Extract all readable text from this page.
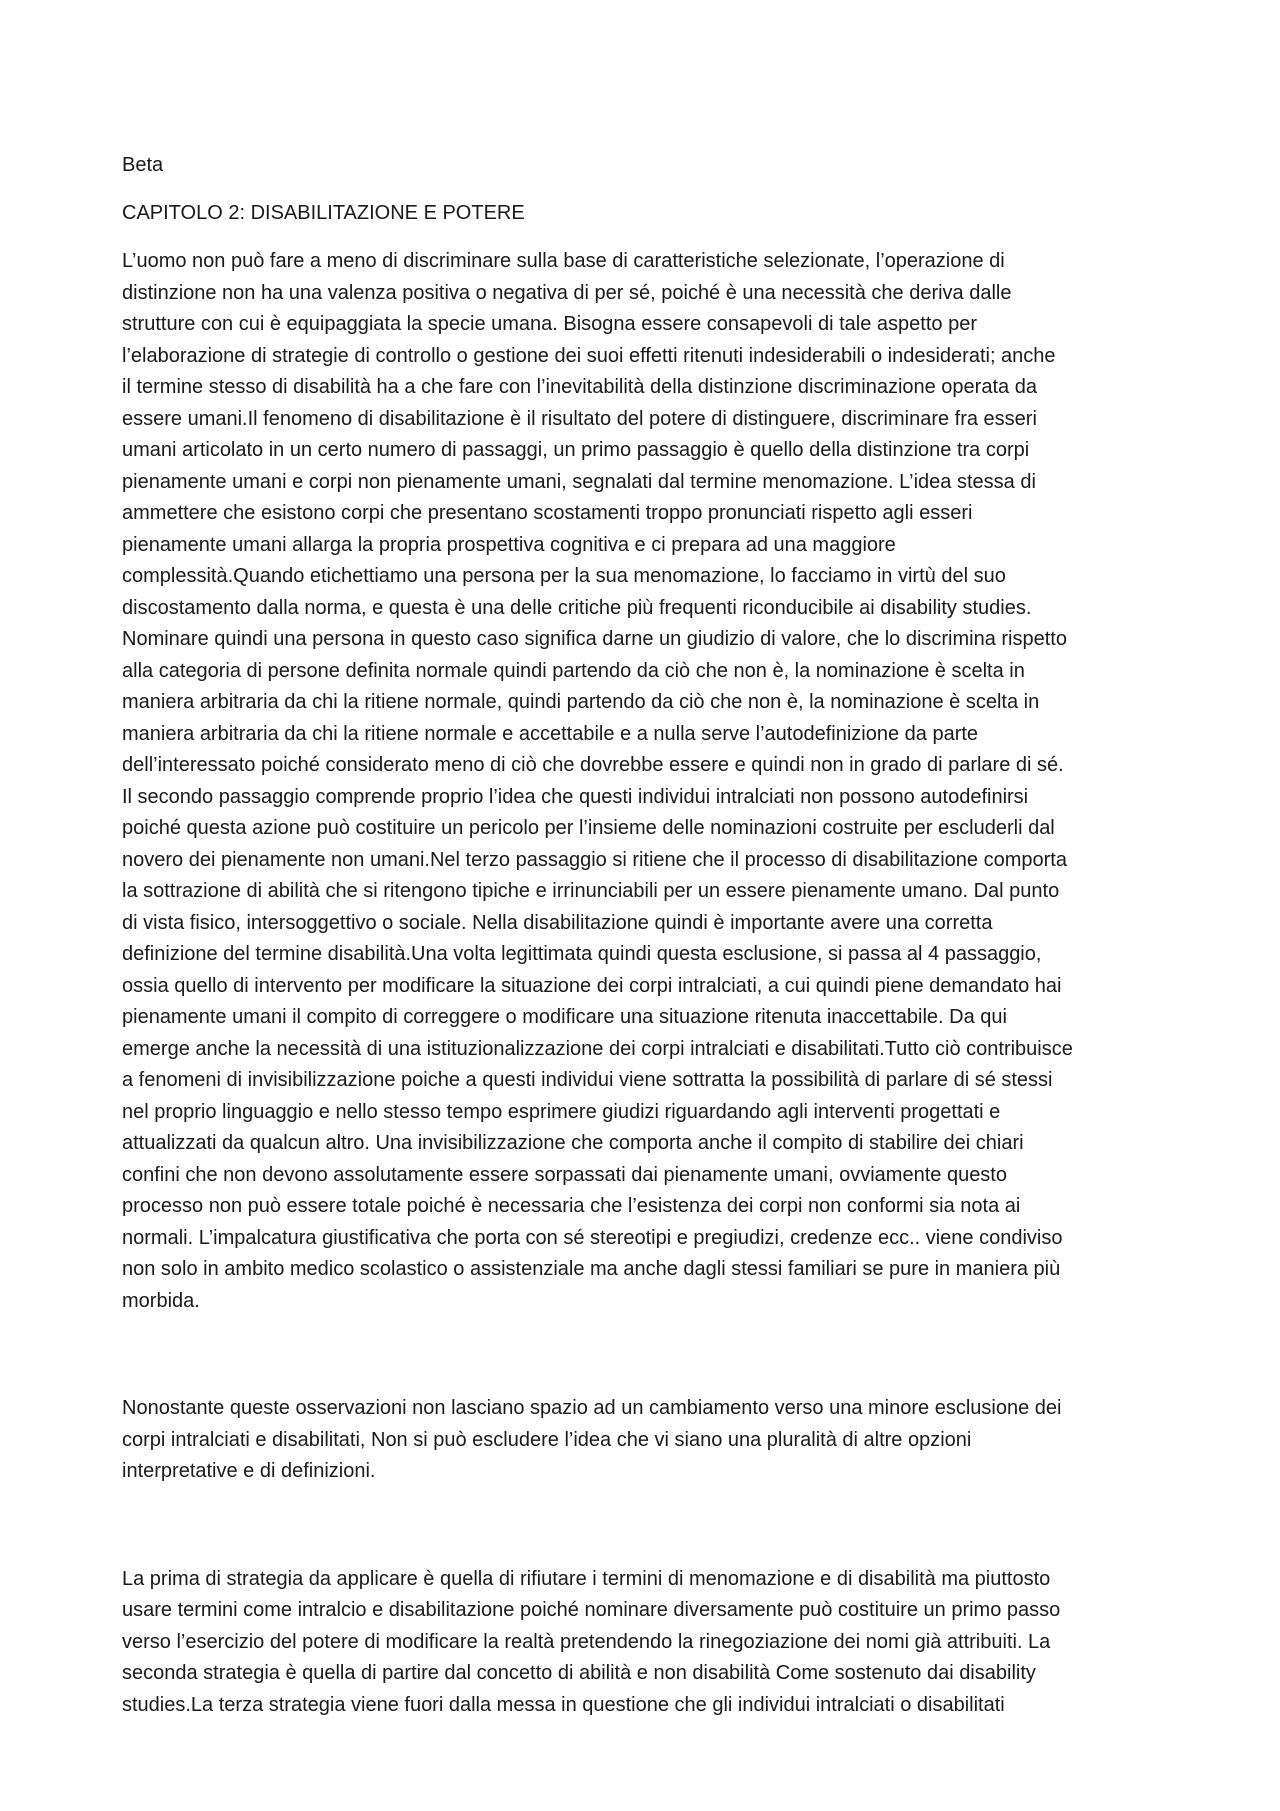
Beta

CAPITOLO 2: DISABILITAZIONE E POTERE

L’uomo non può fare a meno di discriminare sulla base di caratteristiche selezionate, l’operazione di

distinzione non ha una valenza positiva o negativa di per sé, poiché è una necessità che deriva dalle

strutture con cui è equipaggiata la specie umana. Bisogna essere consapevoli di tale aspetto per

l’elaborazione di strategie di controllo o gestione dei suoi effetti ritenuti indesiderabili o indesiderati; anche

il termine stesso di disabilità ha a che fare con l’inevitabilità della distinzione discriminazione operata da

essere umani.Il fenomeno di disabilitazione è il risultato del potere di distinguere, discriminare fra esseri

umani articolato in un certo numero di passaggi, un primo passaggio è quello della distinzione tra corpi

pienamente umani e corpi non pienamente umani, segnalati dal termine menomazione. L’idea stessa di

ammettere che esistono corpi che presentano scostamenti troppo pronunciati rispetto agli esseri

pienamente umani allarga la propria prospettiva cognitiva e ci prepara ad una maggiore

complessità.Quando etichettiamo una persona per la sua menomazione, lo facciamo in virtù del suo

discostamento dalla norma, e questa è una delle critiche più frequenti riconducibile ai disability studies.

Nominare quindi una persona in questo caso significa darne un giudizio di valore, che lo discrimina rispetto

alla categoria di persone definita normale quindi partendo da ciò che non è, la nominazione è scelta in

maniera arbitraria da chi la ritiene normale, quindi partendo da ciò che non è, la nominazione è scelta in

maniera arbitraria da chi la ritiene normale e accettabile e a nulla serve l’autodefinizione da parte

dell’interessato poiché considerato meno di ciò che dovrebbe essere e quindi non in grado di parlare di sé.

Il secondo passaggio comprende proprio l’idea che questi individui intralciati non possono autodefinirsi

poiché questa azione può costituire un pericolo per l’insieme delle nominazioni costruite per escluderli dal

novero dei pienamente non umani.Nel terzo passaggio si ritiene che il processo di disabilitazione comporta

la sottrazione di abilità che si ritengono tipiche e irrinunciabili per un essere pienamente umano. Dal punto

di vista fisico, intersoggettivo o sociale. Nella disabilitazione quindi è importante avere una corretta

definizione del termine disabilità.Una volta legittimata quindi questa esclusione, si passa al 4 passaggio,

ossia quello di intervento per modificare la situazione dei corpi intralciati, a cui quindi piene demandato hai

pienamente umani il compito di correggere o modificare una situazione ritenuta inaccettabile. Da qui

emerge anche la necessità di una istituzionalizzazione dei corpi intralciati e disabilitati.Tutto ciò contribuisce

a fenomeni di invisibilizzazione poiche a questi individui viene sottratta la possibilità di parlare di sé stessi

nel proprio linguaggio e nello stesso tempo esprimere giudizi riguardando agli interventi progettati e

attualizzati da qualcun altro. Una invisibilizzazione che comporta anche il compito di stabilire dei chiari

confini che non devono assolutamente essere sorpassati dai pienamente umani, ovviamente questo

processo non può essere totale poiché è necessaria che l’esistenza dei corpi non conformi sia nota ai

normali. L’impalcatura giustificativa che porta con sé stereotipi e pregiudizi, credenze ecc.. viene condiviso

non solo in ambito medico scolastico o assistenziale ma anche dagli stessi familiari se pure in maniera più

morbida.

Nonostante queste osservazioni non lasciano spazio ad un cambiamento verso una minore esclusione dei

corpi intralciati e disabilitati, Non si può escludere l’idea che vi siano una pluralità di altre opzioni

interpretative e di definizioni.

La prima di strategia da applicare è quella di rifiutare i termini di menomazione e di disabilità ma piuttosto

usare termini come intralcio e disabilitazione poiché nominare diversamente può costituire un primo passo

verso l’esercizio del potere di modificare la realtà pretendendo la rinegoziazione dei nomi già attribuiti. La

seconda strategia è quella di partire dal concetto di abilità e non disabilità Come sostenuto dai disability

studies.La terza strategia viene fuori dalla messa in questione che gli individui intralciati o disabilitati
